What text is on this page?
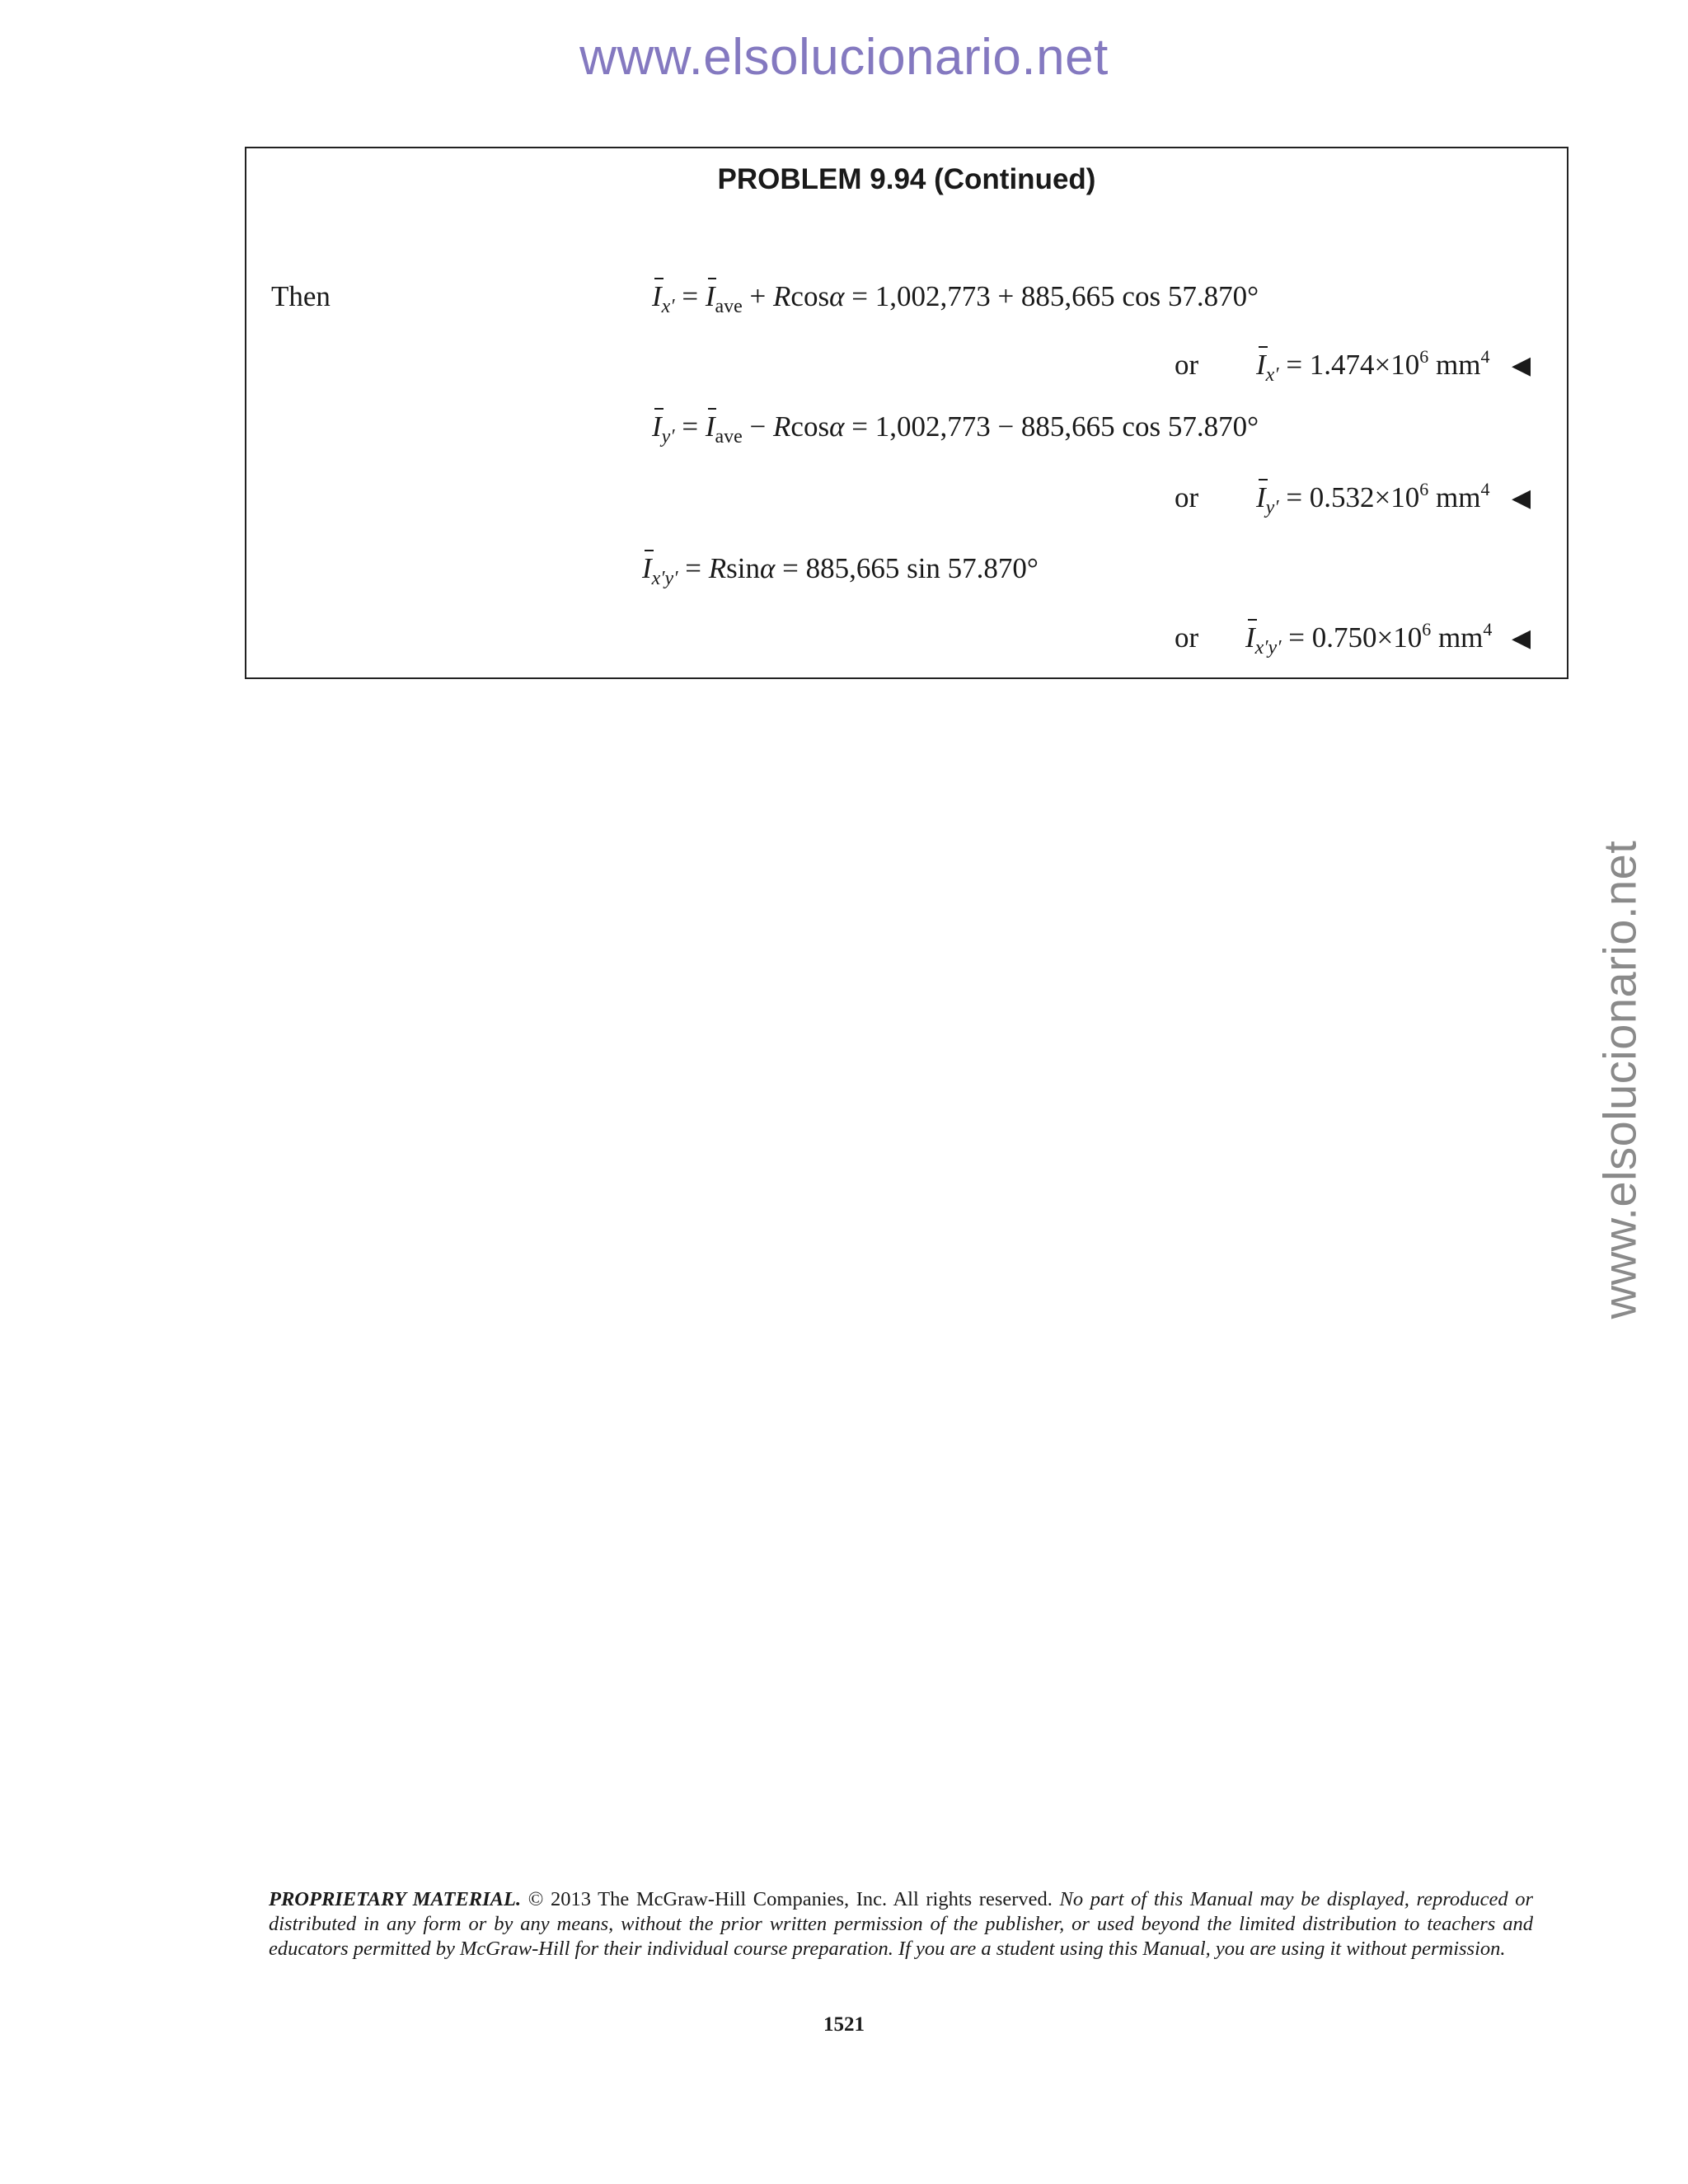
www.elsolucionario.net
www.elsolucionario.net
PROBLEM 9.94 (Continued)
Then	$I_{x'} = I_{ave} + Rcos\alpha = 1,002,773 + 885,665$ cos 57.870°
or $I_{x'} = 1.474\times 10^6$ $mm^4$ ◀
$I_{y'} = I_{ave} - Rcos\alpha = 1,002,773 - 885,665$ cos 57.870°
or $I_{y'} = 0.532\times 10^6$ $mm^4$ ◀
$I_{x'y'} = Rsin\alpha = 885,665$ sin 57.870°
or $I_{x'y'} = 0.750\times 10^6$ $mm^4$ ◀
PROPRIETARY MATERIAL. © 2013 The McGraw-Hill Companies, Inc. All rights reserved. No part of this Manual may be displayed, reproduced or distributed in any form or by any means, without the prior written permission of the publisher, or used beyond the limited distribution to teachers and educators permitted by McGraw-Hill for their individual course preparation. If you are a student using this Manual, you are using it without permission.
1521
